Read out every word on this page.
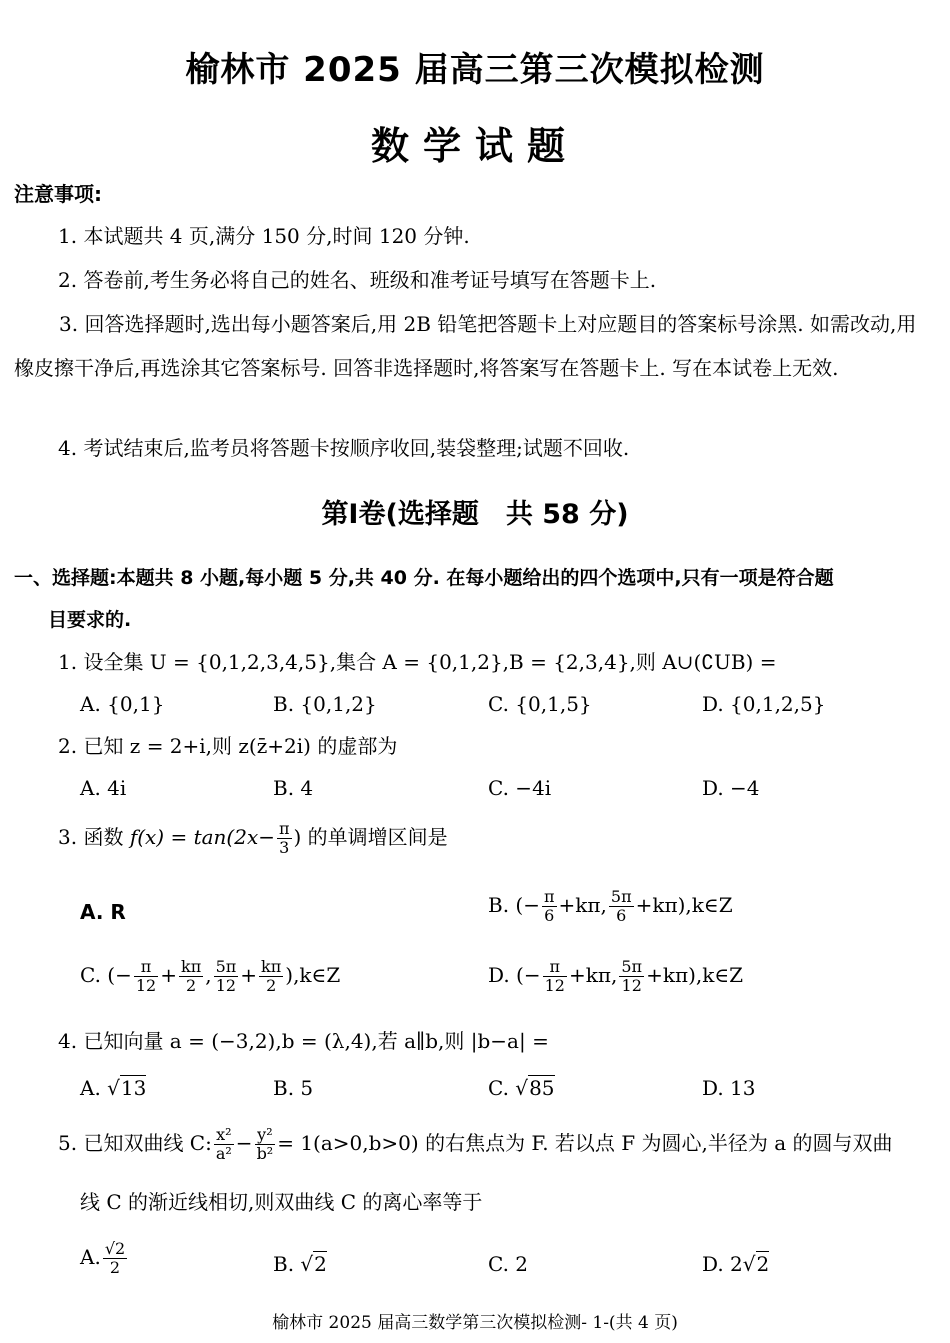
榆林市 2025 届高三第三次模拟检测
数学试题
注意事项:
1. 本试题共 4 页,满分 150 分,时间 120 分钟.
2. 答卷前,考生务必将自己的姓名、班级和准考证号填写在答题卡上.
3. 回答选择题时,选出每小题答案后,用 2B 铅笔把答题卡上对应题目的答案标号涂黑. 如需改动,用橡皮擦干净后,再选涂其它答案标号. 回答非选择题时,将答案写在答题卡上. 写在本试卷上无效.
4. 考试结束后,监考员将答题卡按顺序收回,装袋整理;试题不回收.
第Ⅰ卷(选择题　共 58 分)
一、选择题:本题共 8 小题,每小题 5 分,共 40 分. 在每小题给出的四个选项中,只有一项是符合题
目要求的.
1. 设全集 U = {0,1,2,3,4,5},集合 A = {0,1,2},B = {2,3,4},则 A∪(∁UB) =
A. {0,1}	B. {0,1,2}	C. {0,1,5}	D. {0,1,2,5}
2. 已知 z = 2+i,则 z(z̄+2i) 的虚部为
A. 4i	B. 4	C. −4i	D. −4
3. 函数 $f(x) = \tan(2x- \frac{\pi}{3}$ ) 的单调增区间是
A. R	B. (− $\frac{\pi}{6} +k\pi$, $\frac{5\pi}{6}$ +kπ),k∈Z
C. (− $\frac{\pi}{12} + \frac{k\pi}{2}$ , $\frac{5\pi}{12} + \frac{k\pi}{2}$ ),k∈Z	D. (− $\frac{\pi}{12} +k\pi$, $\frac{5\pi}{12}$ +kπ),k∈Z
4. 已知向量 a = (−3,2),b = (λ,4),若 a∥b,则 |b−a| =
A. √13	B. 5	C. √85	D. 13
5. 已知双曲线 C: $\frac{\text{x²}}{\text{a²}} - \frac{\text{y²}}{\text{b²}} = 1(a>0,b>0)$ 的右焦点为 F. 若以点 F 为圆心,半径为 a 的圆与双曲
线 C 的渐近线相切,则双曲线 C 的离心率等于
A. $\frac{√2}{2}$	B. √2	C. 2	D. 2√2
榆林市 2025 届高三数学第三次模拟检测- 1-(共 4 页)
